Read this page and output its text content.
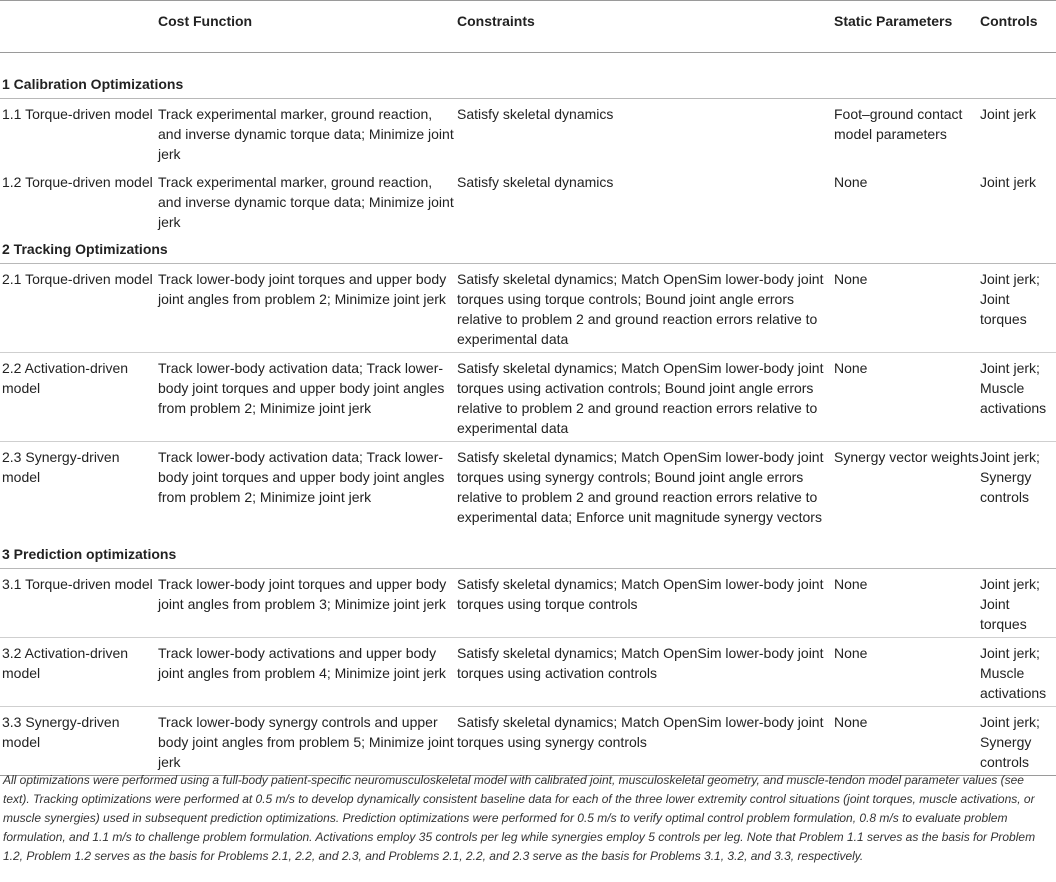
	Cost Function	Constraints	Static Parameters	Controls
1 Calibration Optimizations				
1.1 Torque-driven model	Track experimental marker, ground reaction, and inverse dynamic torque data; Minimize joint jerk	Satisfy skeletal dynamics	Foot–ground contact model parameters	Joint jerk
1.2 Torque-driven model	Track experimental marker, ground reaction, and inverse dynamic torque data; Minimize joint jerk	Satisfy skeletal dynamics	None	Joint jerk
2 Tracking Optimizations				
2.1 Torque-driven model	Track lower-body joint torques and upper body joint angles from problem 2; Minimize joint jerk	Satisfy skeletal dynamics; Match OpenSim lower-body joint torques using torque controls; Bound joint angle errors relative to problem 2 and ground reaction errors relative to experimental data	None	Joint jerk; Joint torques
2.2 Activation-driven model	Track lower-body activation data; Track lower-body joint torques and upper body joint angles from problem 2; Minimize joint jerk	Satisfy skeletal dynamics; Match OpenSim lower-body joint torques using activation controls; Bound joint angle errors relative to problem 2 and ground reaction errors relative to experimental data	None	Joint jerk; Muscle activations
2.3 Synergy-driven model	Track lower-body activation data; Track lower-body joint torques and upper body joint angles from problem 2; Minimize joint jerk	Satisfy skeletal dynamics; Match OpenSim lower-body joint torques using synergy controls; Bound joint angle errors relative to problem 2 and ground reaction errors relative to experimental data; Enforce unit magnitude synergy vectors	Synergy vector weights	Joint jerk; Synergy controls
3 Prediction optimizations				
3.1 Torque-driven model	Track lower-body joint torques and upper body joint angles from problem 3; Minimize joint jerk	Satisfy skeletal dynamics; Match OpenSim lower-body joint torques using torque controls	None	Joint jerk; Joint torques
3.2 Activation-driven model	Track lower-body activations and upper body joint angles from problem 4; Minimize joint jerk	Satisfy skeletal dynamics; Match OpenSim lower-body joint torques using activation controls	None	Joint jerk; Muscle activations
3.3 Synergy-driven model	Track lower-body synergy controls and upper body joint angles from problem 5; Minimize joint jerk	Satisfy skeletal dynamics; Match OpenSim lower-body joint torques using synergy controls	None	Joint jerk; Synergy controls

All optimizations were performed using a full-body patient-specific neuromusculoskeletal model with calibrated joint, musculoskeletal geometry, and muscle-tendon model parameter values (see text). Tracking optimizations were performed at 0.5 m/s to develop dynamically consistent baseline data for each of the three lower extremity control situations (joint torques, muscle activations, or muscle synergies) used in subsequent prediction optimizations. Prediction optimizations were performed for 0.5 m/s to verify optimal control problem formulation, 0.8 m/s to evaluate problem formulation, and 1.1 m/s to challenge problem formulation. Activations employ 35 controls per leg while synergies employ 5 controls per leg. Note that Problem 1.1 serves as the basis for Problem 1.2, Problem 1.2 serves as the basis for Problems 2.1, 2.2, and 2.3, and Problems 2.1, 2.2, and 2.3 serve as the basis for Problems 3.1, 3.2, and 3.3, respectively.
